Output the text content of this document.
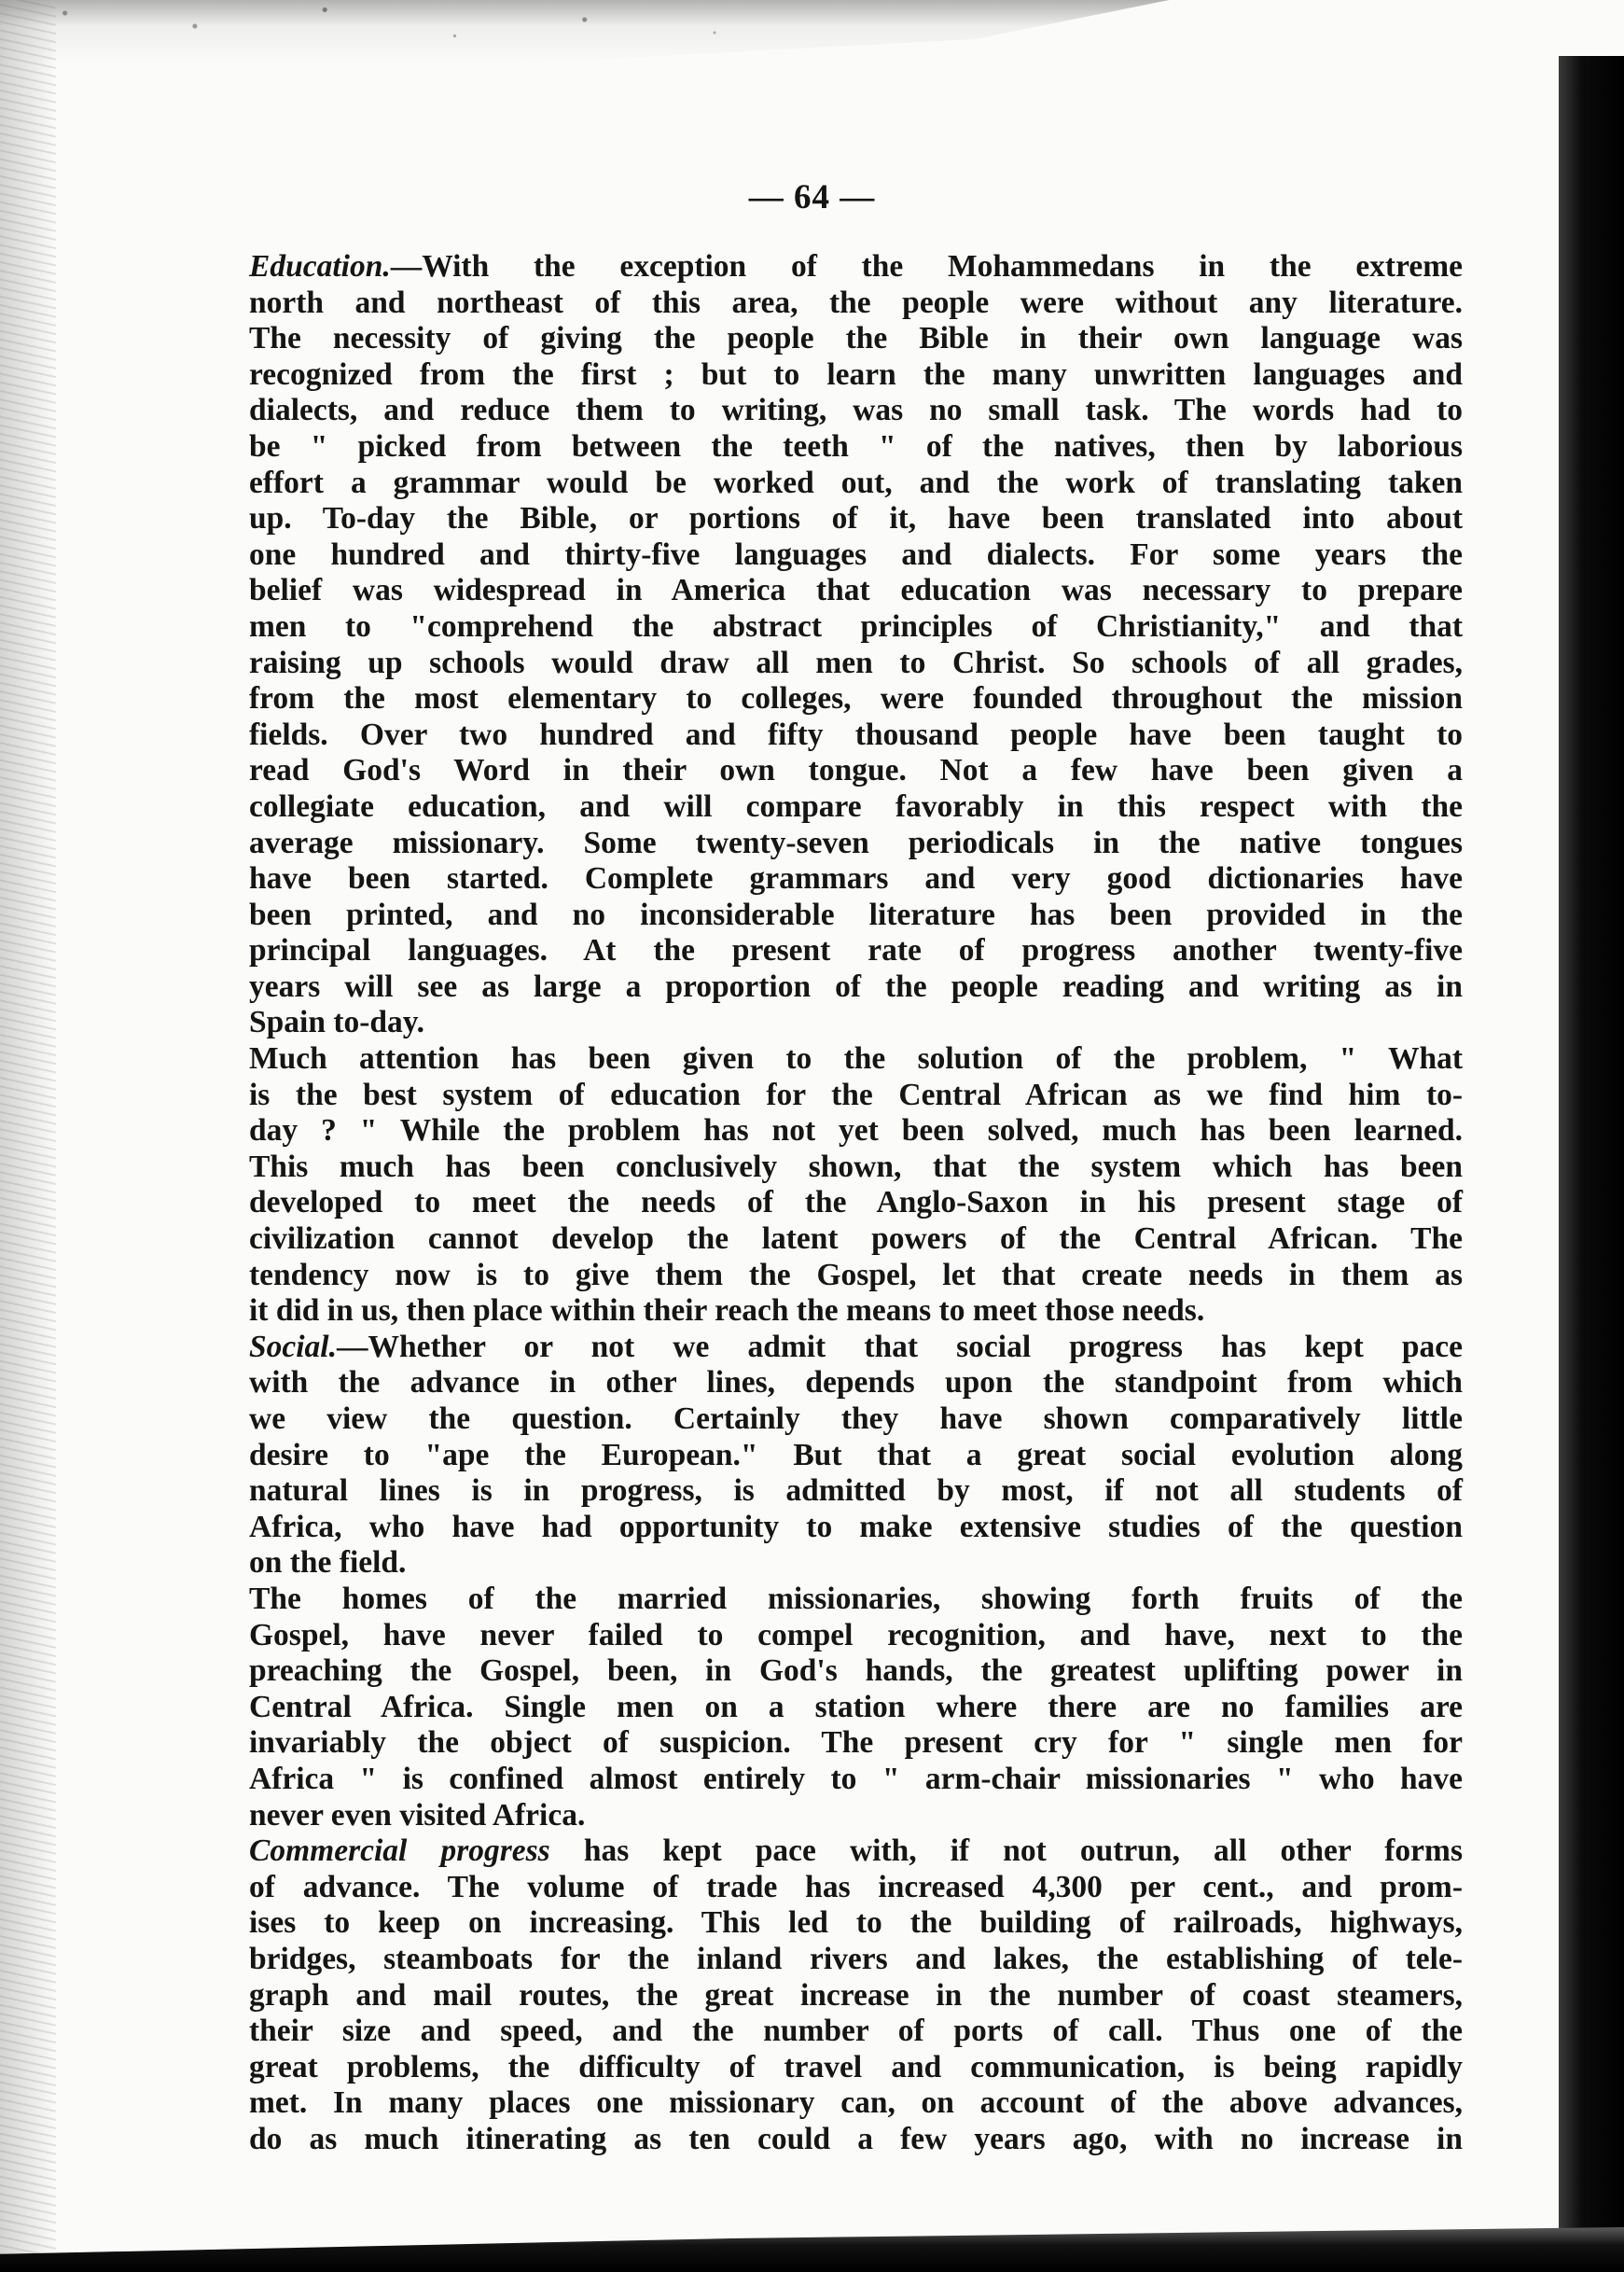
— 64 —

Education.—With the exception of the Mohammedans in the extreme
north and northeast of this area, the people were without any literature.
The necessity of giving the people the Bible in their own language was
recognized from the first ; but to learn the many unwritten languages and
dialects, and reduce them to writing, was no small task. The words had to
be " picked from between the teeth " of the natives, then by laborious
effort a grammar would be worked out, and the work of translating taken
up. To-day the Bible, or portions of it, have been translated into about
one hundred and thirty-five languages and dialects. For some years the
belief was widespread in America that education was necessary to prepare
men to "comprehend the abstract principles of Christianity," and that
raising up schools would draw all men to Christ. So schools of all grades,
from the most elementary to colleges, were founded throughout the mission
fields. Over two hundred and fifty thousand people have been taught to
read God's Word in their own tongue. Not a few have been given a
collegiate education, and will compare favorably in this respect with the
average missionary. Some twenty-seven periodicals in the native tongues
have been started. Complete grammars and very good dictionaries have
been printed, and no inconsiderable literature has been provided in the
principal languages. At the present rate of progress another twenty-five
years will see as large a proportion of the people reading and writing as in
Spain to-day.

Much attention has been given to the solution of the problem, " What
is the best system of education for the Central African as we find him to-
day ? " While the problem has not yet been solved, much has been learned.
This much has been conclusively shown, that the system which has been
developed to meet the needs of the Anglo-Saxon in his present stage of
civilization cannot develop the latent powers of the Central African. The
tendency now is to give them the Gospel, let that create needs in them as
it did in us, then place within their reach the means to meet those needs.

Social.—Whether or not we admit that social progress has kept pace
with the advance in other lines, depends upon the standpoint from which
we view the question. Certainly they have shown comparatively little
desire to "ape the European." But that a great social evolution along
natural lines is in progress, is admitted by most, if not all students of
Africa, who have had opportunity to make extensive studies of the question
on the field.

The homes of the married missionaries, showing forth fruits of the
Gospel, have never failed to compel recognition, and have, next to the
preaching the Gospel, been, in God's hands, the greatest uplifting power in
Central Africa. Single men on a station where there are no families are
invariably the object of suspicion. The present cry for " single men for
Africa " is confined almost entirely to " arm-chair missionaries " who have
never even visited Africa.

Commercial progress has kept pace with, if not outrun, all other forms
of advance. The volume of trade has increased 4,300 per cent., and prom-
ises to keep on increasing. This led to the building of railroads, highways,
bridges, steamboats for the inland rivers and lakes, the establishing of tele-
graph and mail routes, the great increase in the number of coast steamers,
their size and speed, and the number of ports of call. Thus one of the
great problems, the difficulty of travel and communication, is being rapidly
met. In many places one missionary can, on account of the above advances,
do as much itinerating as ten could a few years ago, with no increase in
